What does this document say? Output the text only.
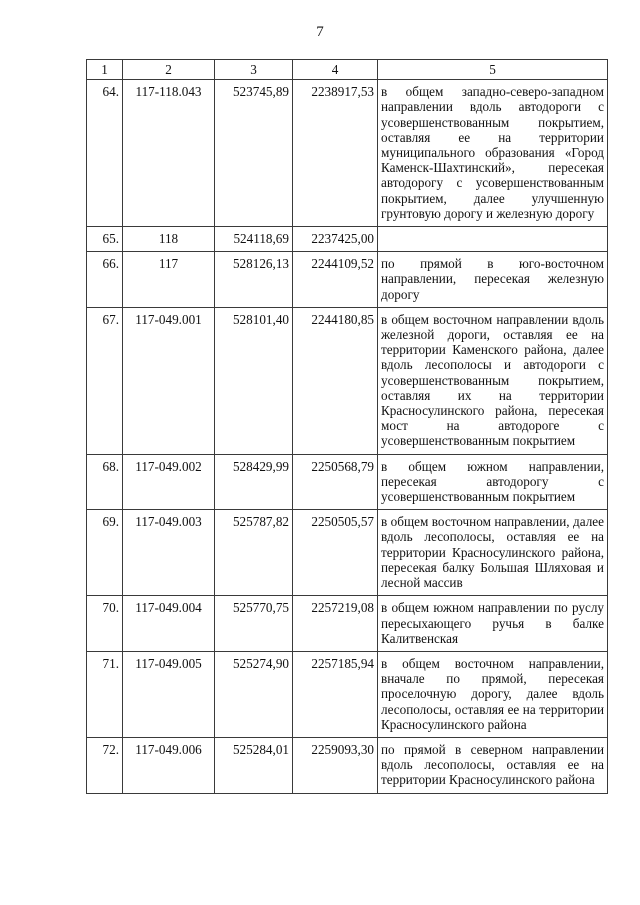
7
1	2	3	4	5
64.	117-118.043	523745,89	2238917,53	в общем западно-северо-западном направлении вдоль автодороги с усовершенствованным покрытием, оставляя ее на территории муниципального образования «Город Каменск-Шахтинский», пересекая автодорогу с усовершенствованным покрытием, далее улучшенную грунтовую дорогу и железную дорогу
65.	118	524118,69	2237425,00	
66.	117	528126,13	2244109,52	по прямой в юго-восточном направлении, пересекая железную дорогу
67.	117-049.001	528101,40	2244180,85	в общем восточном направлении вдоль железной дороги, оставляя ее на территории Каменского района, далее вдоль лесополосы и автодороги с усовершенствованным покрытием, оставляя их на территории Красносулинского района, пересекая мост на автодороге с усовершенствованным покрытием
68.	117-049.002	528429,99	2250568,79	в общем южном направлении, пересекая автодорогу с усовершенствованным покрытием
69.	117-049.003	525787,82	2250505,57	в общем восточном направлении, далее вдоль лесополосы, оставляя ее на территории Красносулинского района, пересекая балку Большая Шляховая и лесной массив
70.	117-049.004	525770,75	2257219,08	в общем южном направлении по руслу пересыхающего ручья в балке Калитвенская
71.	117-049.005	525274,90	2257185,94	в общем восточном направлении, вначале по прямой, пересекая проселочную дорогу, далее вдоль лесополосы, оставляя ее на территории Красносулинского района
72.	117-049.006	525284,01	2259093,30	по прямой в северном направлении вдоль лесополосы, оставляя ее на территории Красносулинского района
